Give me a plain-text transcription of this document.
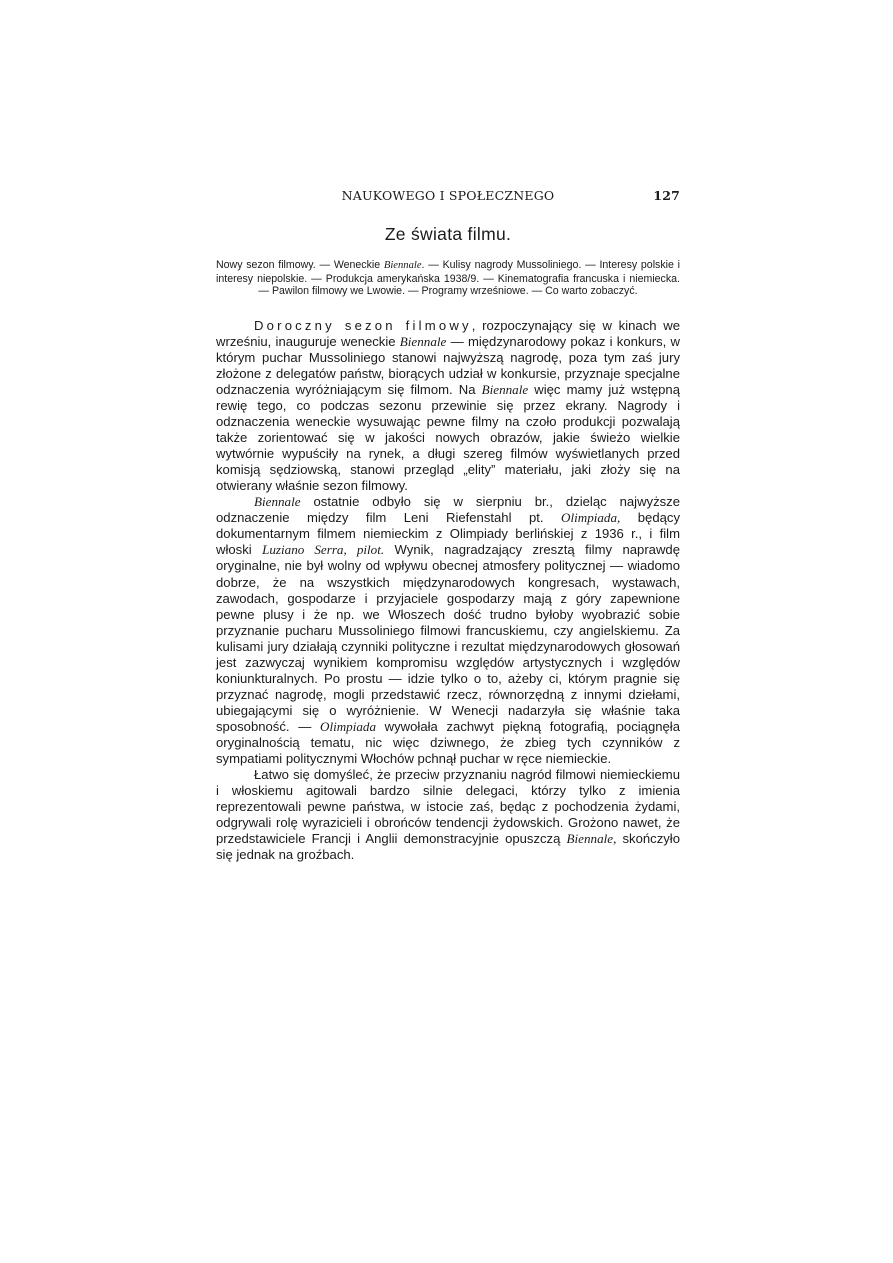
NAUKOWEGO I SPOŁECZNEGO	127
Ze świata filmu.
Nowy sezon filmowy. — Weneckie Biennale. — Kulisy nagrody Mussoliniego. — Interesy polskie i interesy niepolskie. — Produkcja amerykańska 1938/9. — Kinematografia francuska i niemiecka. — Pawilon filmowy we Lwowie. — Programy wrześniowe. — Co warto zobaczyć.

Doroczny sezon filmowy, rozpoczynający się w kinach we wrześniu, inauguruje weneckie Biennale — międzynarodowy pokaz i konkurs, w którym puchar Mussoliniego stanowi najwyższą nagrodę, poza tym zaś jury złożone z delegatów państw, biorących udział w konkursie, przyznaje specjalne odznaczenia wyróżniającym się filmom. Na Biennale więc mamy już wstępną rewię tego, co podczas sezonu przewinie się przez ekrany. Nagrody i odznaczenia weneckie wysuwając pewne filmy na czoło produkcji pozwalają także zorientować się w jakości nowych obrazów, jakie świeżo wielkie wytwórnie wypuściły na rynek, a długi szereg filmów wyświetlanych przed komisją sędziowską, stanowi przegląd „elity” materiału, jaki złoży się na otwierany właśnie sezon filmowy.

Biennale ostatnie odbyło się w sierpniu br., dzieląc najwyższe odznaczenie między film Leni Riefenstahl pt. Olimpiada, będący dokumentarnym filmem niemieckim z Olimpiady berlińskiej z 1936 r., i film włoski Luziano Serra, pilot. Wynik, nagradzający zresztą filmy naprawdę oryginalne, nie był wolny od wpływu obecnej atmosfery politycznej — wiadomo dobrze, że na wszystkich międzynarodowych kongresach, wystawach, zawodach, gospodarze i przyjaciele gospodarzy mają z góry zapewnione pewne plusy i że np. we Włoszech dość trudno byłoby wyobrazić sobie przyznanie pucharu Mussoliniego filmowi francuskiemu, czy angielskiemu. Za kulisami jury działają czynniki polityczne i rezultat międzynarodowych głosowań jest zazwyczaj wynikiem kompromisu względów artystycznych i względów koniunkturalnych. Po prostu — idzie tylko o to, ażeby ci, którym pragnie się przyznać nagrodę, mogli przedstawić rzecz, równorzędną z innymi dziełami, ubiegającymi się o wyróżnienie. W Wenecji nadarzyła się właśnie taka sposobność. — Olimpiada wywołała zachwyt piękną fotografią, pociągnęła oryginalnością tematu, nic więc dziwnego, że zbieg tych czynników z sympatiami politycznymi Włochów pchnął puchar w ręce niemieckie.

Łatwo się domyśleć, że przeciw przyznaniu nagród filmowi niemieckiemu i włoskiemu agitowali bardzo silnie delegaci, którzy tylko z imienia reprezentowali pewne państwa, w istocie zaś, będąc z pochodzenia żydami, odgrywali rolę wyrazicieli i obrońców tendencji żydowskich. Grożono nawet, że przedstawiciele Francji i Anglii demonstracyjnie opuszczą Biennale, skończyło się jednak na groźbach.
